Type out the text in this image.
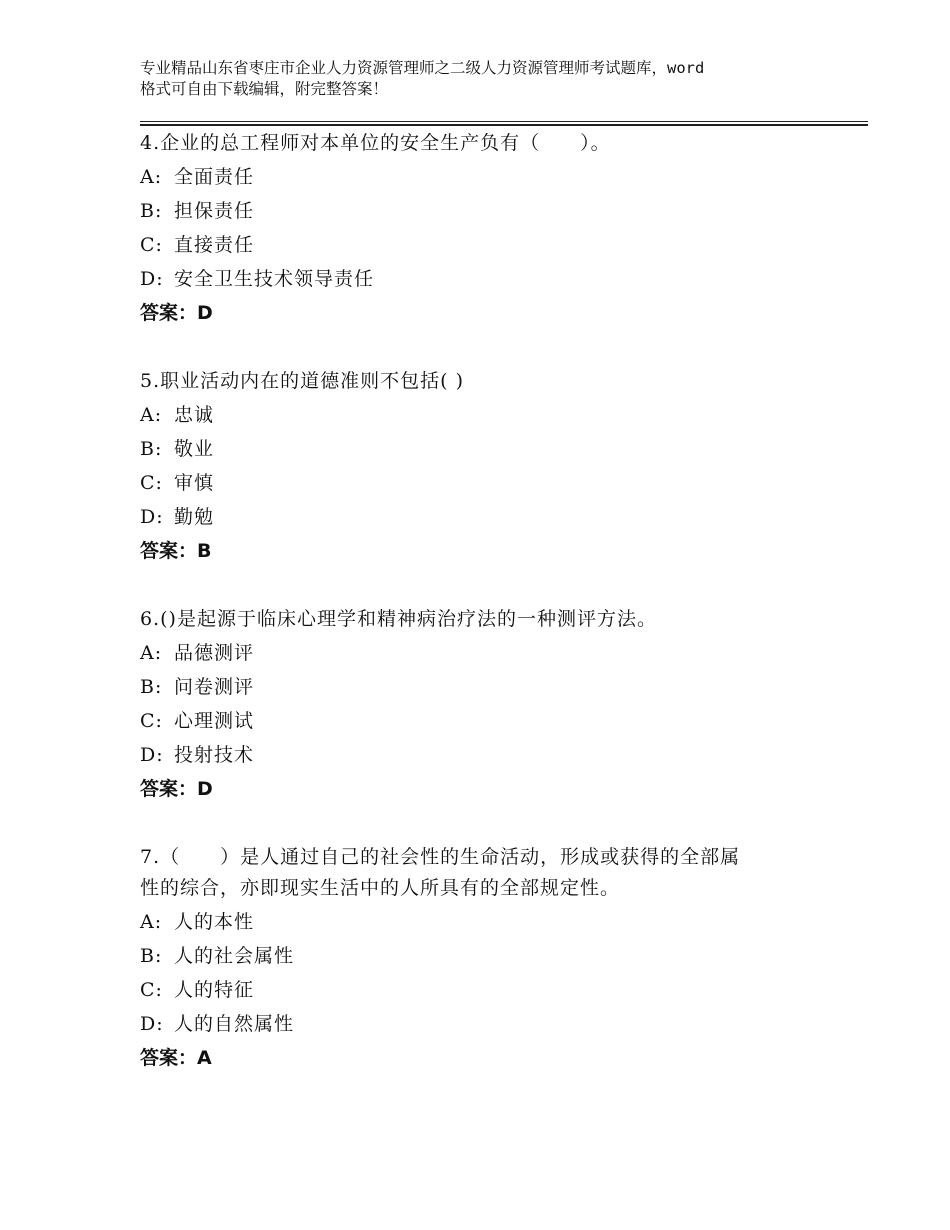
专业精品山东省枣庄市企业人力资源管理师之二级人力资源管理师考试题库，word
格式可自由下载编辑，附完整答案！
4.企业的总工程师对本单位的安全生产负有（　　）。
A: 全面责任
B: 担保责任
C: 直接责任
D: 安全卫生技术领导责任
答案：D
5.职业活动内在的道德准则不包括( )
A: 忠诚
B: 敬业
C: 审慎
D: 勤勉
答案：B
6.()是起源于临床心理学和精神病治疗法的一种测评方法。
A: 品德测评
B: 问卷测评
C: 心理测试
D: 投射技术
答案：D
7.（　　）是人通过自己的社会性的生命活动，形成或获得的全部属
性的综合，亦即现实生活中的人所具有的全部规定性。
A: 人的本性
B: 人的社会属性
C: 人的特征
D: 人的自然属性
答案：A
